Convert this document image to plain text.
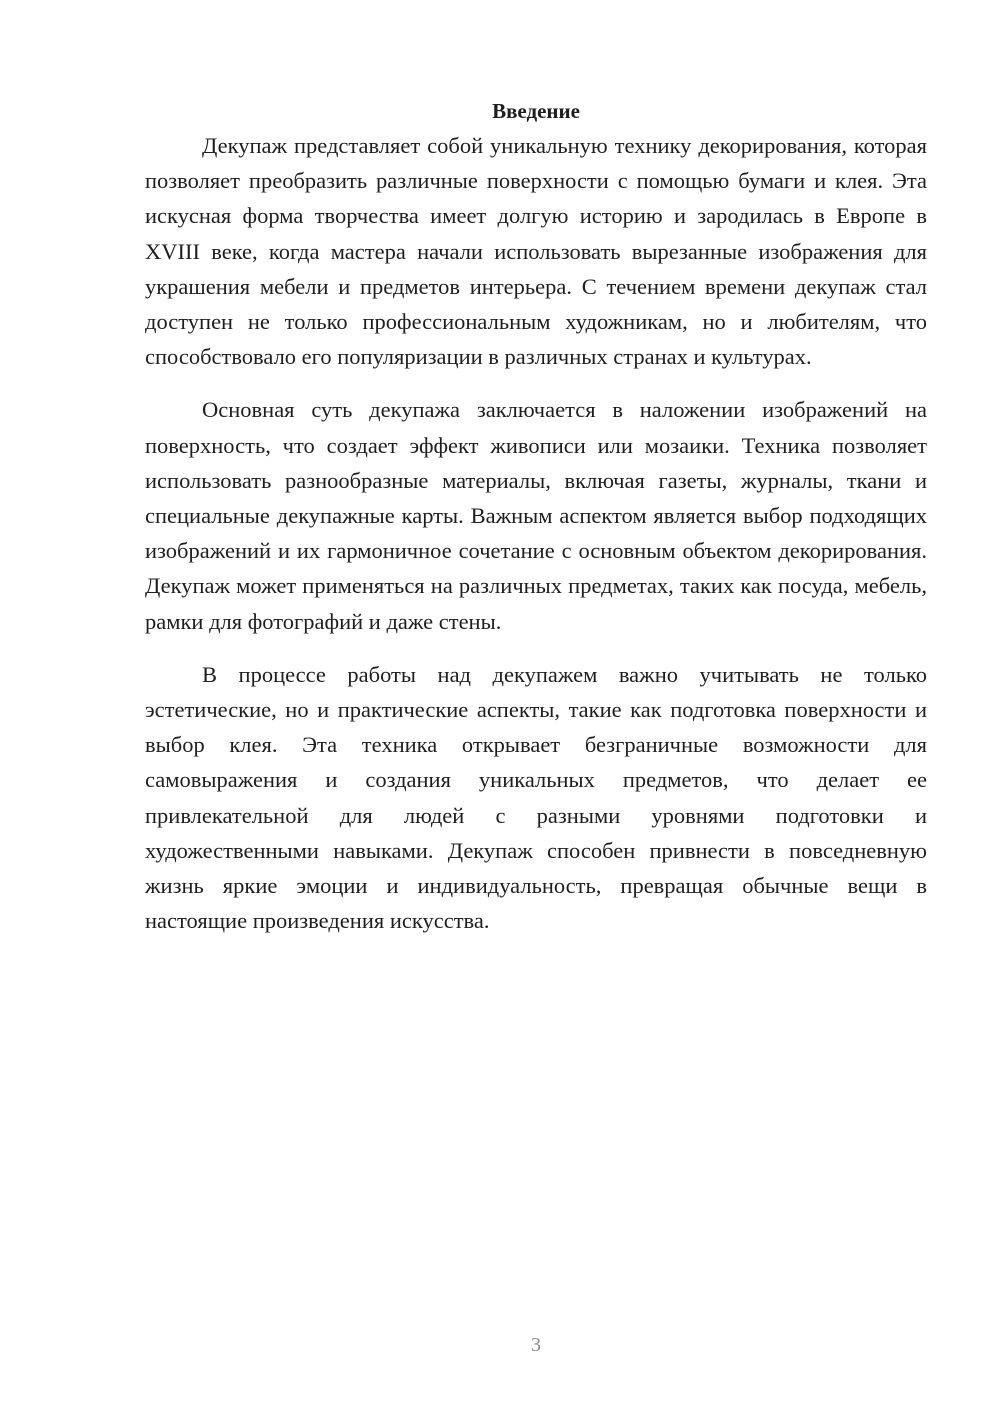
Введение

Декупаж представляет собой уникальную технику декорирования, которая позволяет преобразить различные поверхности с помощью бумаги и клея. Эта искусная форма творчества имеет долгую историю и зародилась в Европе в XVIII веке, когда мастера начали использовать вырезанные изображения для украшения мебели и предметов интерьера. С течением времени декупаж стал доступен не только профессиональным художникам, но и любителям, что способствовало его популяризации в различных странах и культурах.

Основная суть декупажа заключается в наложении изображений на поверхность, что создает эффект живописи или мозаики. Техника позволяет использовать разнообразные материалы, включая газеты, журналы, ткани и специальные декупажные карты. Важным аспектом является выбор подходящих изображений и их гармоничное сочетание с основным объектом декорирования. Декупаж может применяться на различных предметах, таких как посуда, мебель, рамки для фотографий и даже стены.

В процессе работы над декупажем важно учитывать не только эстетические, но и практические аспекты, такие как подготовка поверхности и выбор клея. Эта техника открывает безграничные возможности для самовыражения и создания уникальных предметов, что делает ее привлекательной для людей с разными уровнями подготовки и художественными навыками. Декупаж способен привнести в повседневную жизнь яркие эмоции и индивидуальность, превращая обычные вещи в настоящие произведения искусства.

3
